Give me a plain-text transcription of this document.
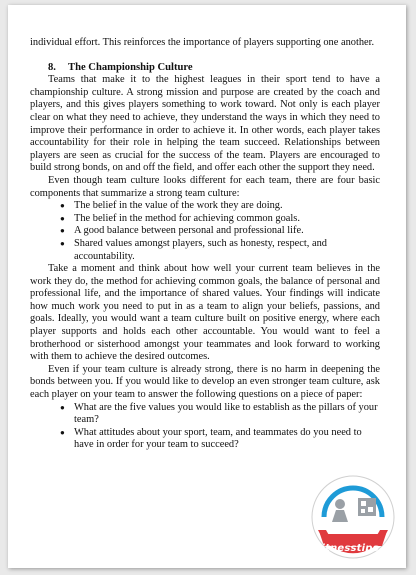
individual effort. This reinforces the importance of players supporting one another.

8. The Championship Culture

Teams that make it to the highest leagues in their sport tend to have a championship culture. A strong mission and purpose are created by the coach and players, and this gives players something to work toward. Not only is each player clear on what they need to achieve, they understand the ways in which they need to improve their performance in order to achieve it. In other words, each player takes accountability for their role in helping the team succeed. Relationships between players are seen as crucial for the success of the team. Players are encouraged to build strong bonds, on and off the field, and offer each other the support they need.

Even though team culture looks different for each team, there are four basic components that summarize a strong team culture:

● The belief in the value of the work they are doing.
● The belief in the method for achieving common goals.
● A good balance between personal and professional life.
● Shared values amongst players, such as honesty, respect, and accountability.

Take a moment and think about how well your current team believes in the work they do, the method for achieving common goals, the balance of personal and professional life, and the importance of shared values. Your findings will indicate how much work you need to put in as a team to align your beliefs, passions, and goals. Ideally, you would want a team culture built on positive energy, where each player supports and holds each other accountable. You would want to feel a brotherhood or sisterhood amongst your teammates and look forward to working with them to achieve the desired outcomes.

Even if your team culture is already strong, there is no harm in deepening the bonds between you. If you would like to develop an even stronger team culture, ask each player on your team to answer the following questions on a piece of paper:

● What are the five values you would like to establish as the pillars of your team?
● What attitudes about your sport, team, and teammates do you need to have in order for your team to succeed?
Fitnesstips.ir
